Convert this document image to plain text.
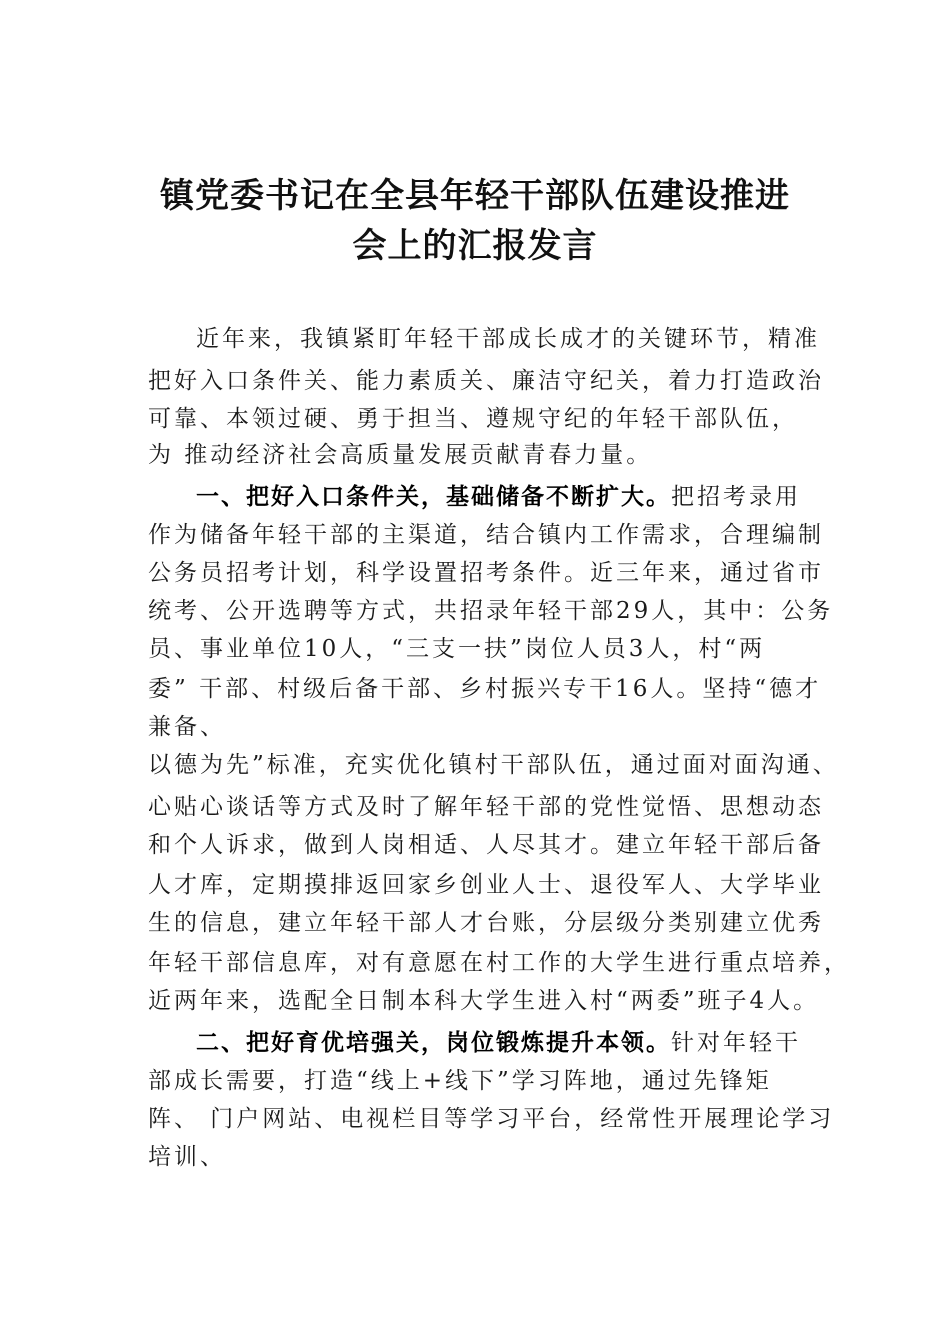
镇党委书记在全县年轻干部队伍建设推进
会上的汇报发言
近年来，我镇紧盯年轻干部成长成才的关键环节，精准
把好入口条件关、能力素质关、廉洁守纪关，着力打造政治
可靠、本领过硬、勇于担当、遵规守纪的年轻干部队伍，
为 推动经济社会高质量发展贡献青春力量。
一、把好入口条件关，基础储备不断扩大。把招考录用
作为储备年轻干部的主渠道，结合镇内工作需求，合理编制
公务员招考计划，科学设置招考条件。近三年来，通过省市
统考、公开选聘等方式，共招录年轻干部29人，其中：公务
员、事业单位10人，“三支一扶”岗位人员3人，村“两
委” 干部、村级后备干部、乡村振兴专干16人。坚持“德才
兼备、
以德为先”标准，充实优化镇村干部队伍，通过面对面沟通、
心贴心谈话等方式及时了解年轻干部的党性觉悟、思想动态
和个人诉求，做到人岗相适、人尽其才。建立年轻干部后备
人才库，定期摸排返回家乡创业人士、退役军人、大学毕业
生的信息，建立年轻干部人才台账，分层级分类别建立优秀
年轻干部信息库，对有意愿在村工作的大学生进行重点培养，
近两年来，选配全日制本科大学生进入村“两委”班子4人。
二、把好育优培强关，岗位锻炼提升本领。针对年轻干
部成长需要，打造“线上+线下”学习阵地，通过先锋矩
阵、 门户网站、电视栏目等学习平台，经常性开展理论学习
培训、
